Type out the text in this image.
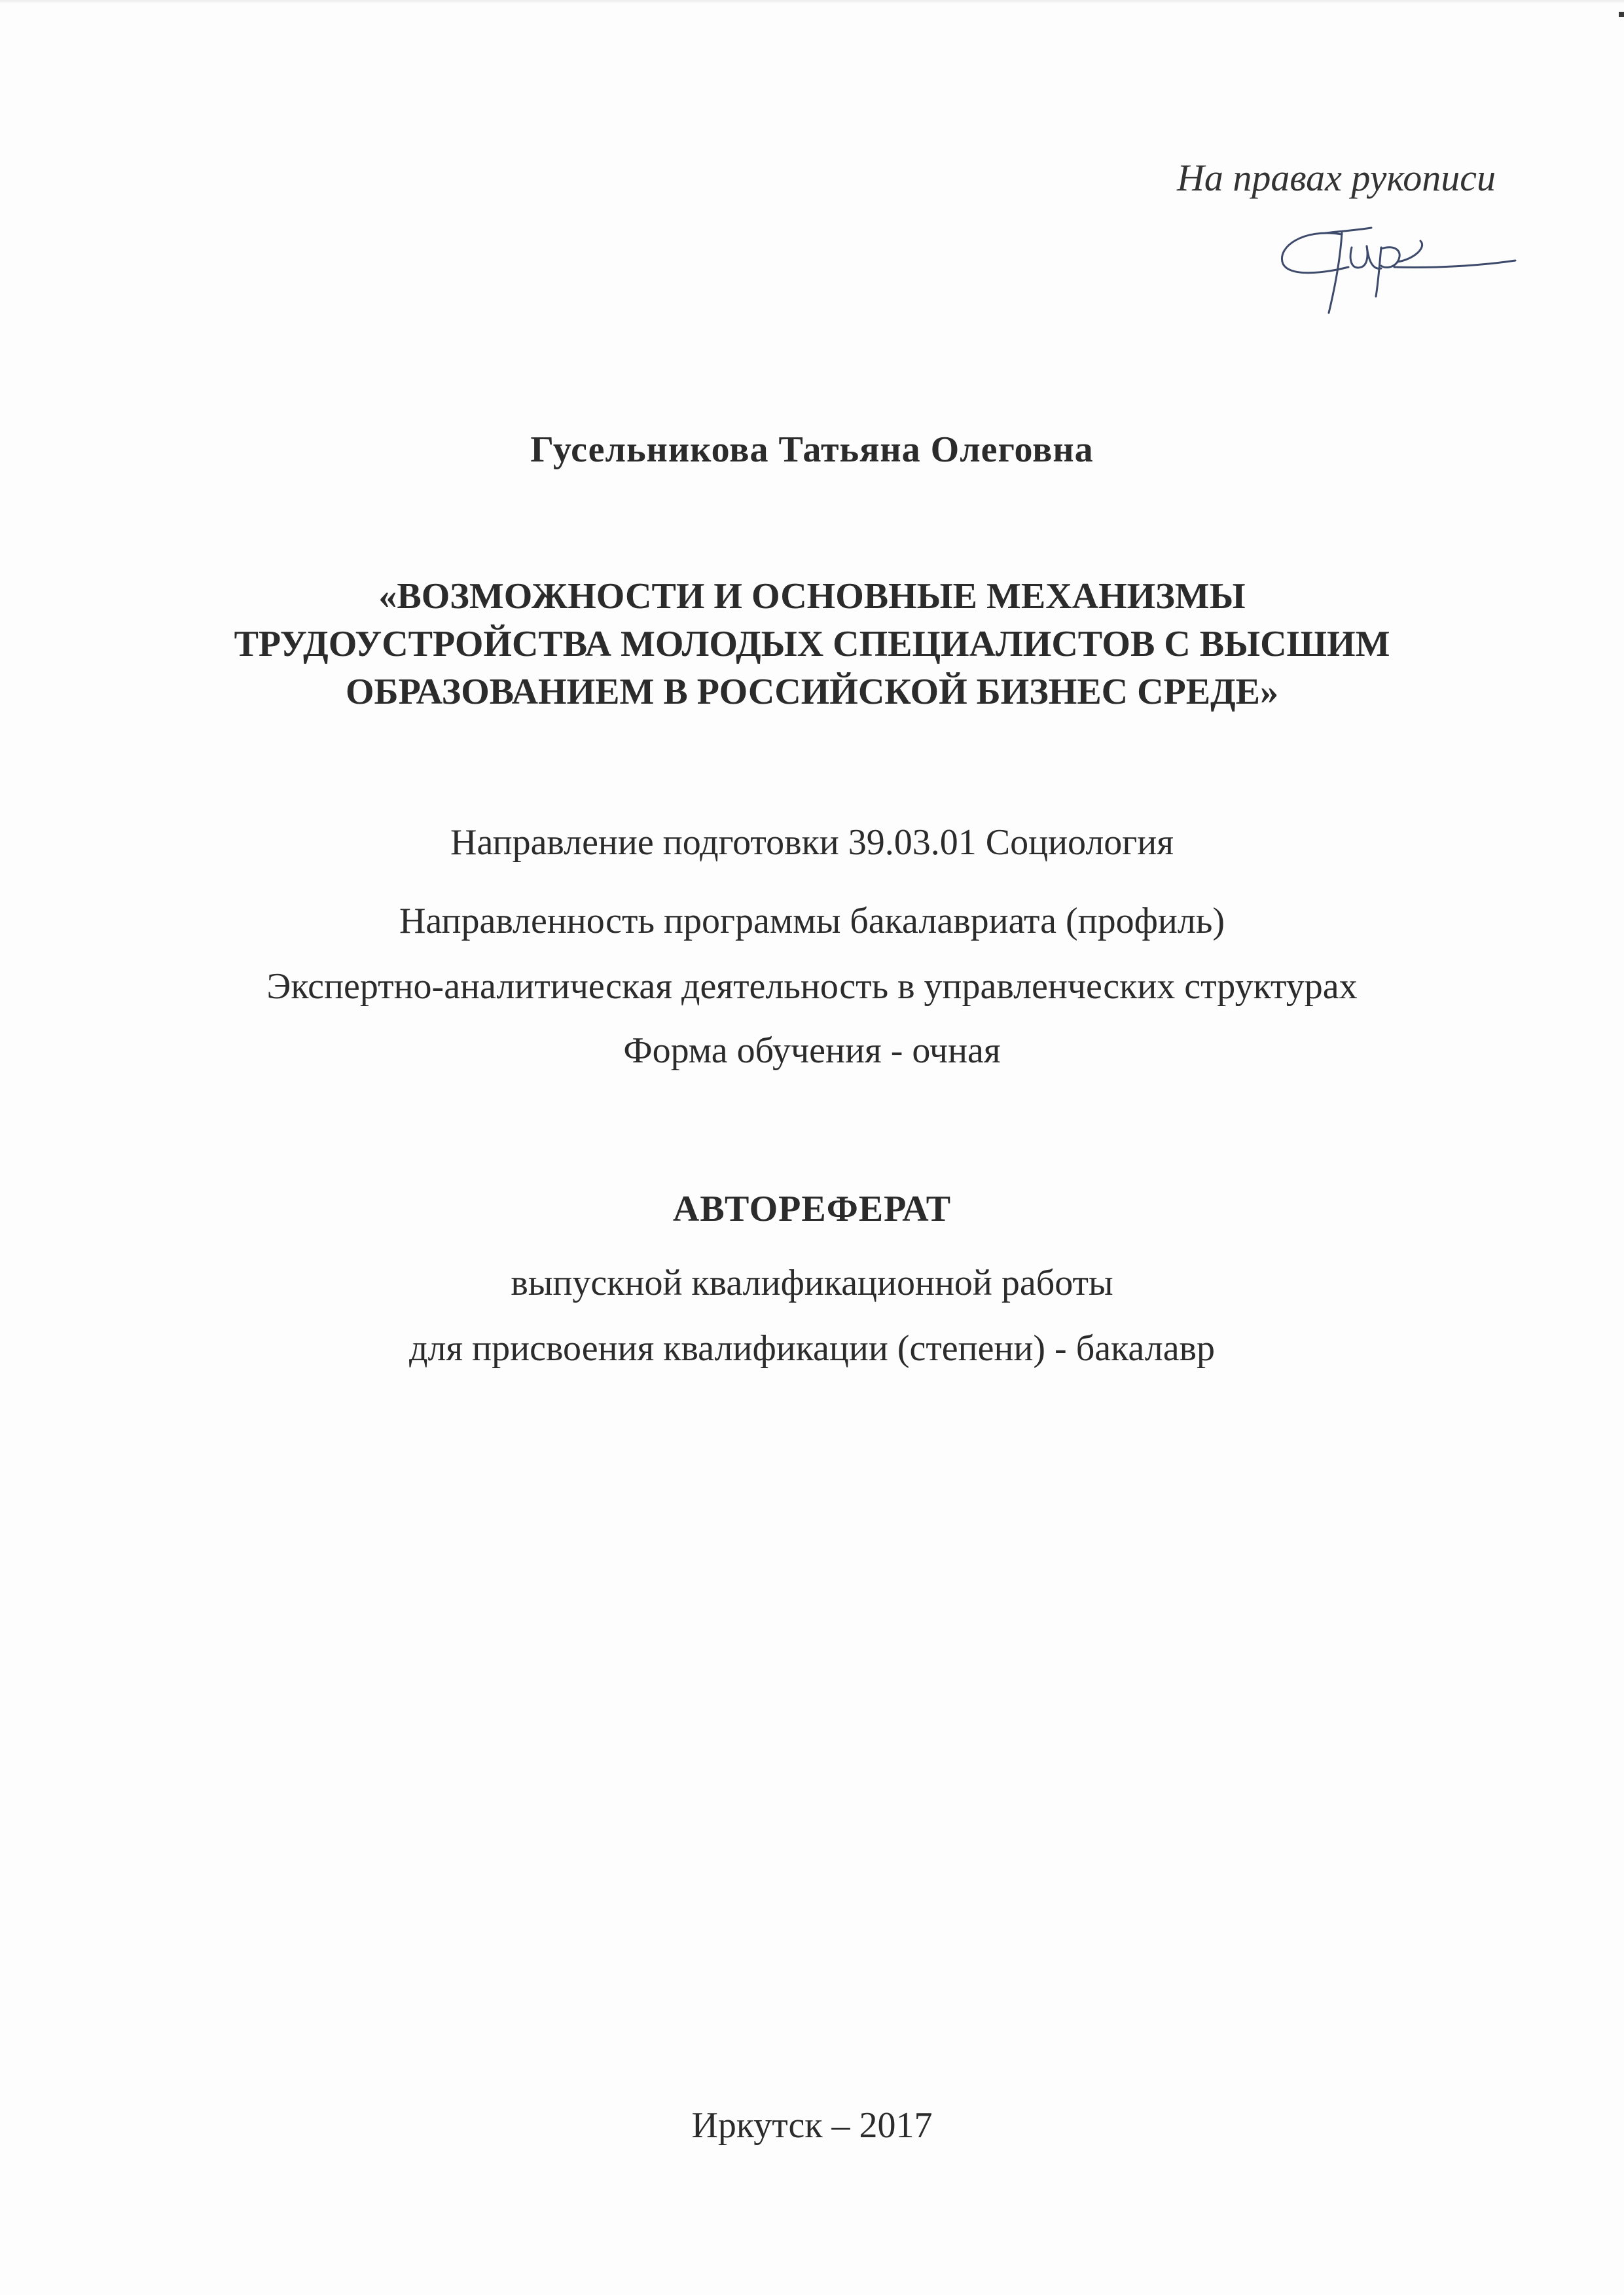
На правах рукописи
Гусельникова Татьяна Олеговна
«ВОЗМОЖНОСТИ И ОСНОВНЫЕ МЕХАНИЗМЫ
ТРУДОУСТРОЙСТВА МОЛОДЫХ СПЕЦИАЛИСТОВ С ВЫСШИМ
ОБРАЗОВАНИЕМ В РОССИЙСКОЙ БИЗНЕС СРЕДЕ»
Направление подготовки 39.03.01 Социология
Направленность программы бакалавриата (профиль)
Экспертно-аналитическая деятельность в управленческих структурах
Форма обучения - очная
АВТОРЕФЕРАТ
выпускной квалификационной работы
для присвоения квалификации (степени) - бакалавр
Иркутск – 2017
